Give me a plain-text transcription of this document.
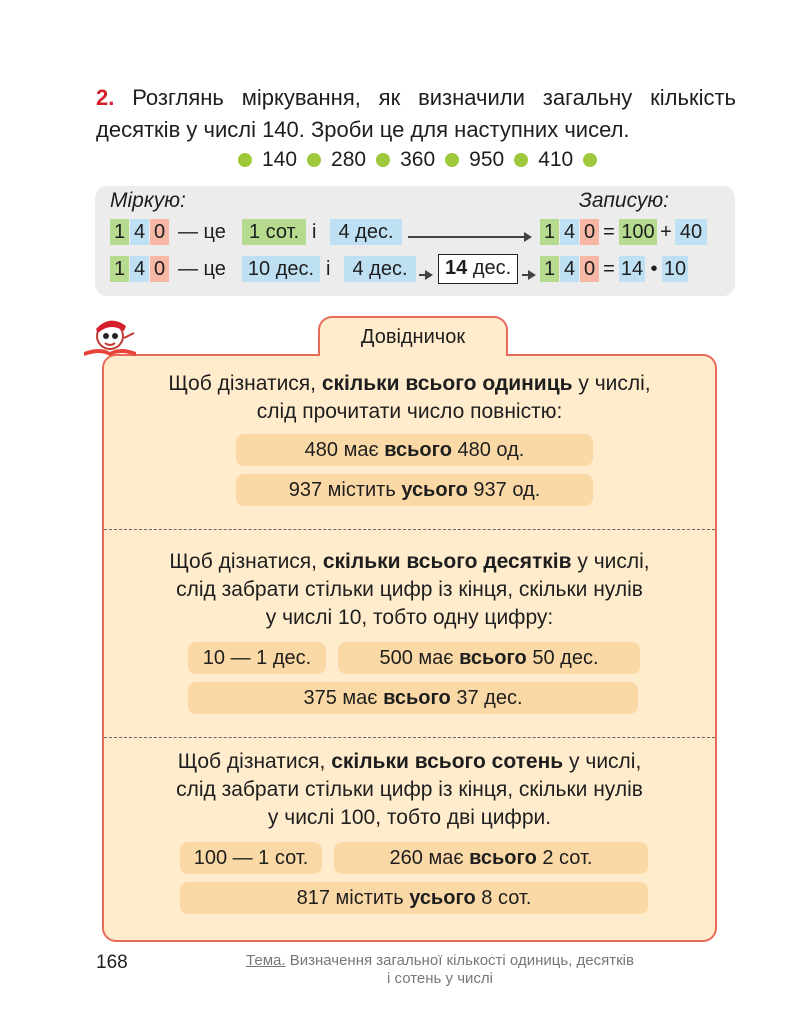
2. Розглянь міркування, як визначили загальну кількість десятків у числі 140. Зроби це для наступних чисел.
140 280 360 950 410
Міркую:	Записую:
1 4 0 — це	1 сот. і	4 дес.	1 4 0 = 100 + 40
1 4 0 — це 10 дес. і	4 дес.	14 дес.	1 4 0 = 14 • 10
Довідничок
Щоб дізнатися, скільки всього одиниць у числі,
слід прочитати число повністю:
480 має всього 480 од.
937 містить усього 937 од.
Щоб дізнатися, скільки всього десятків у числі,
слід забрати стільки цифр із кінця, скільки нулів
у числі 10, тобто одну цифру:
10 — 1 дес.	500 має всього 50 дес.
375 має всього 37 дес.
Щоб дізнатися, скільки всього сотень у числі,
слід забрати стільки цифр із кінця, скільки нулів
у числі 100, тобто дві цифри.
100 — 1 сот.	260 має всього 2 сот.
817 містить усього 8 сот.
168	Тема. Визначення загальної кількості одиниць, десятків
і сотень у числі
